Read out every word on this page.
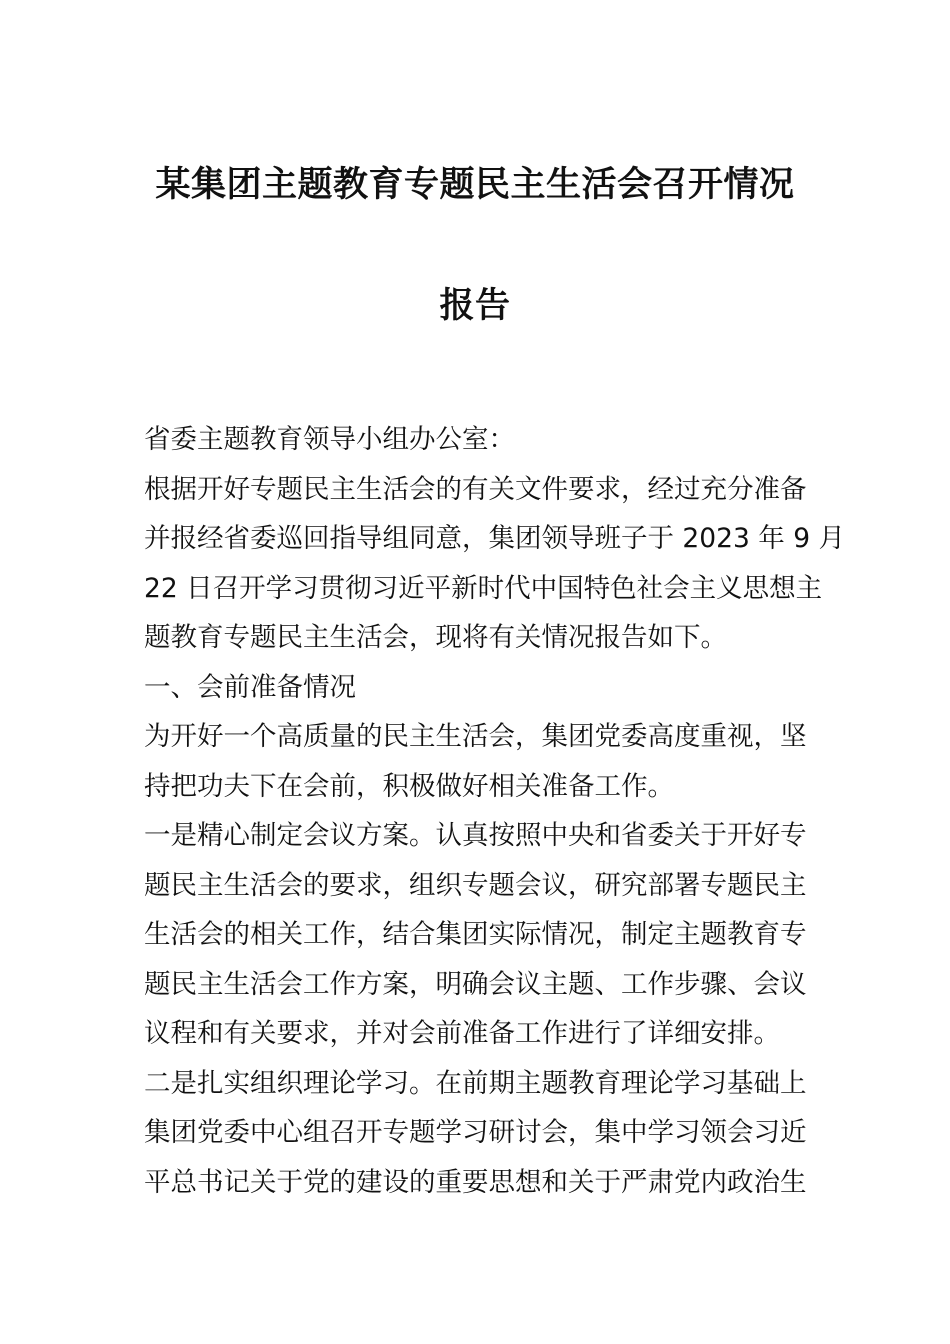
某集团主题教育专题民主生活会召开情况
报告
省委主题教育领导小组办公室：
根据开好专题民主生活会的有关文件要求，经过充分准备
并报经省委巡回指导组同意，集团领导班子于 2023 年 9 月
22 日召开学习贯彻习近平新时代中国特色社会主义思想主
题教育专题民主生活会，现将有关情况报告如下。
一、会前准备情况
为开好一个高质量的民主生活会，集团党委高度重视，坚
持把功夫下在会前，积极做好相关准备工作。
一是精心制定会议方案。认真按照中央和省委关于开好专
题民主生活会的要求，组织专题会议，研究部署专题民主
生活会的相关工作，结合集团实际情况，制定主题教育专
题民主生活会工作方案，明确会议主题、工作步骤、会议
议程和有关要求，并对会前准备工作进行了详细安排。
二是扎实组织理论学习。在前期主题教育理论学习基础上
集团党委中心组召开专题学习研讨会，集中学习领会习近
平总书记关于党的建设的重要思想和关于严肃党内政治生
